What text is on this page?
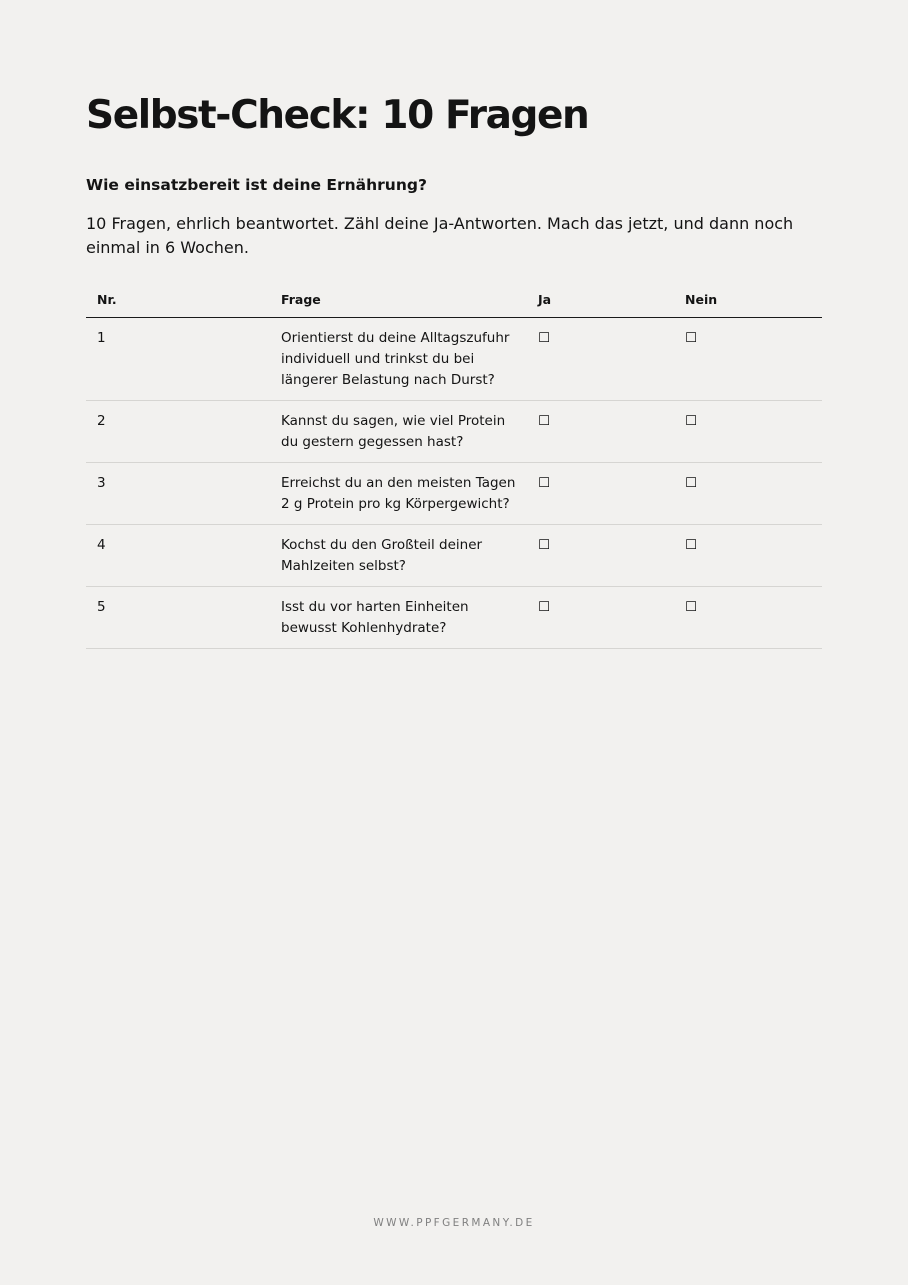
Selbst-Check: 10 Fragen

Wie einsatzbereit ist deine Ernährung?

10 Fragen, ehrlich beantwortet. Zähl deine Ja-Antworten. Mach das jetzt, und dann noch einmal in 6 Wochen.

Nr.	Frage	Ja	Nein
1	Orientierst du deine Alltagszufuhr individuell und trinkst du bei längerer Belastung nach Durst?	☐	☐
2	Kannst du sagen, wie viel Protein du gestern gegessen hast?	☐	☐
3	Erreichst du an den meisten Tagen 2 g Protein pro kg Körpergewicht?	☐	☐
4	Kochst du den Großteil deiner Mahlzeiten selbst?	☐	☐
5	Isst du vor harten Einheiten bewusst Kohlenhydrate?	☐	☐

WWW.PPFGERMANY.DE
